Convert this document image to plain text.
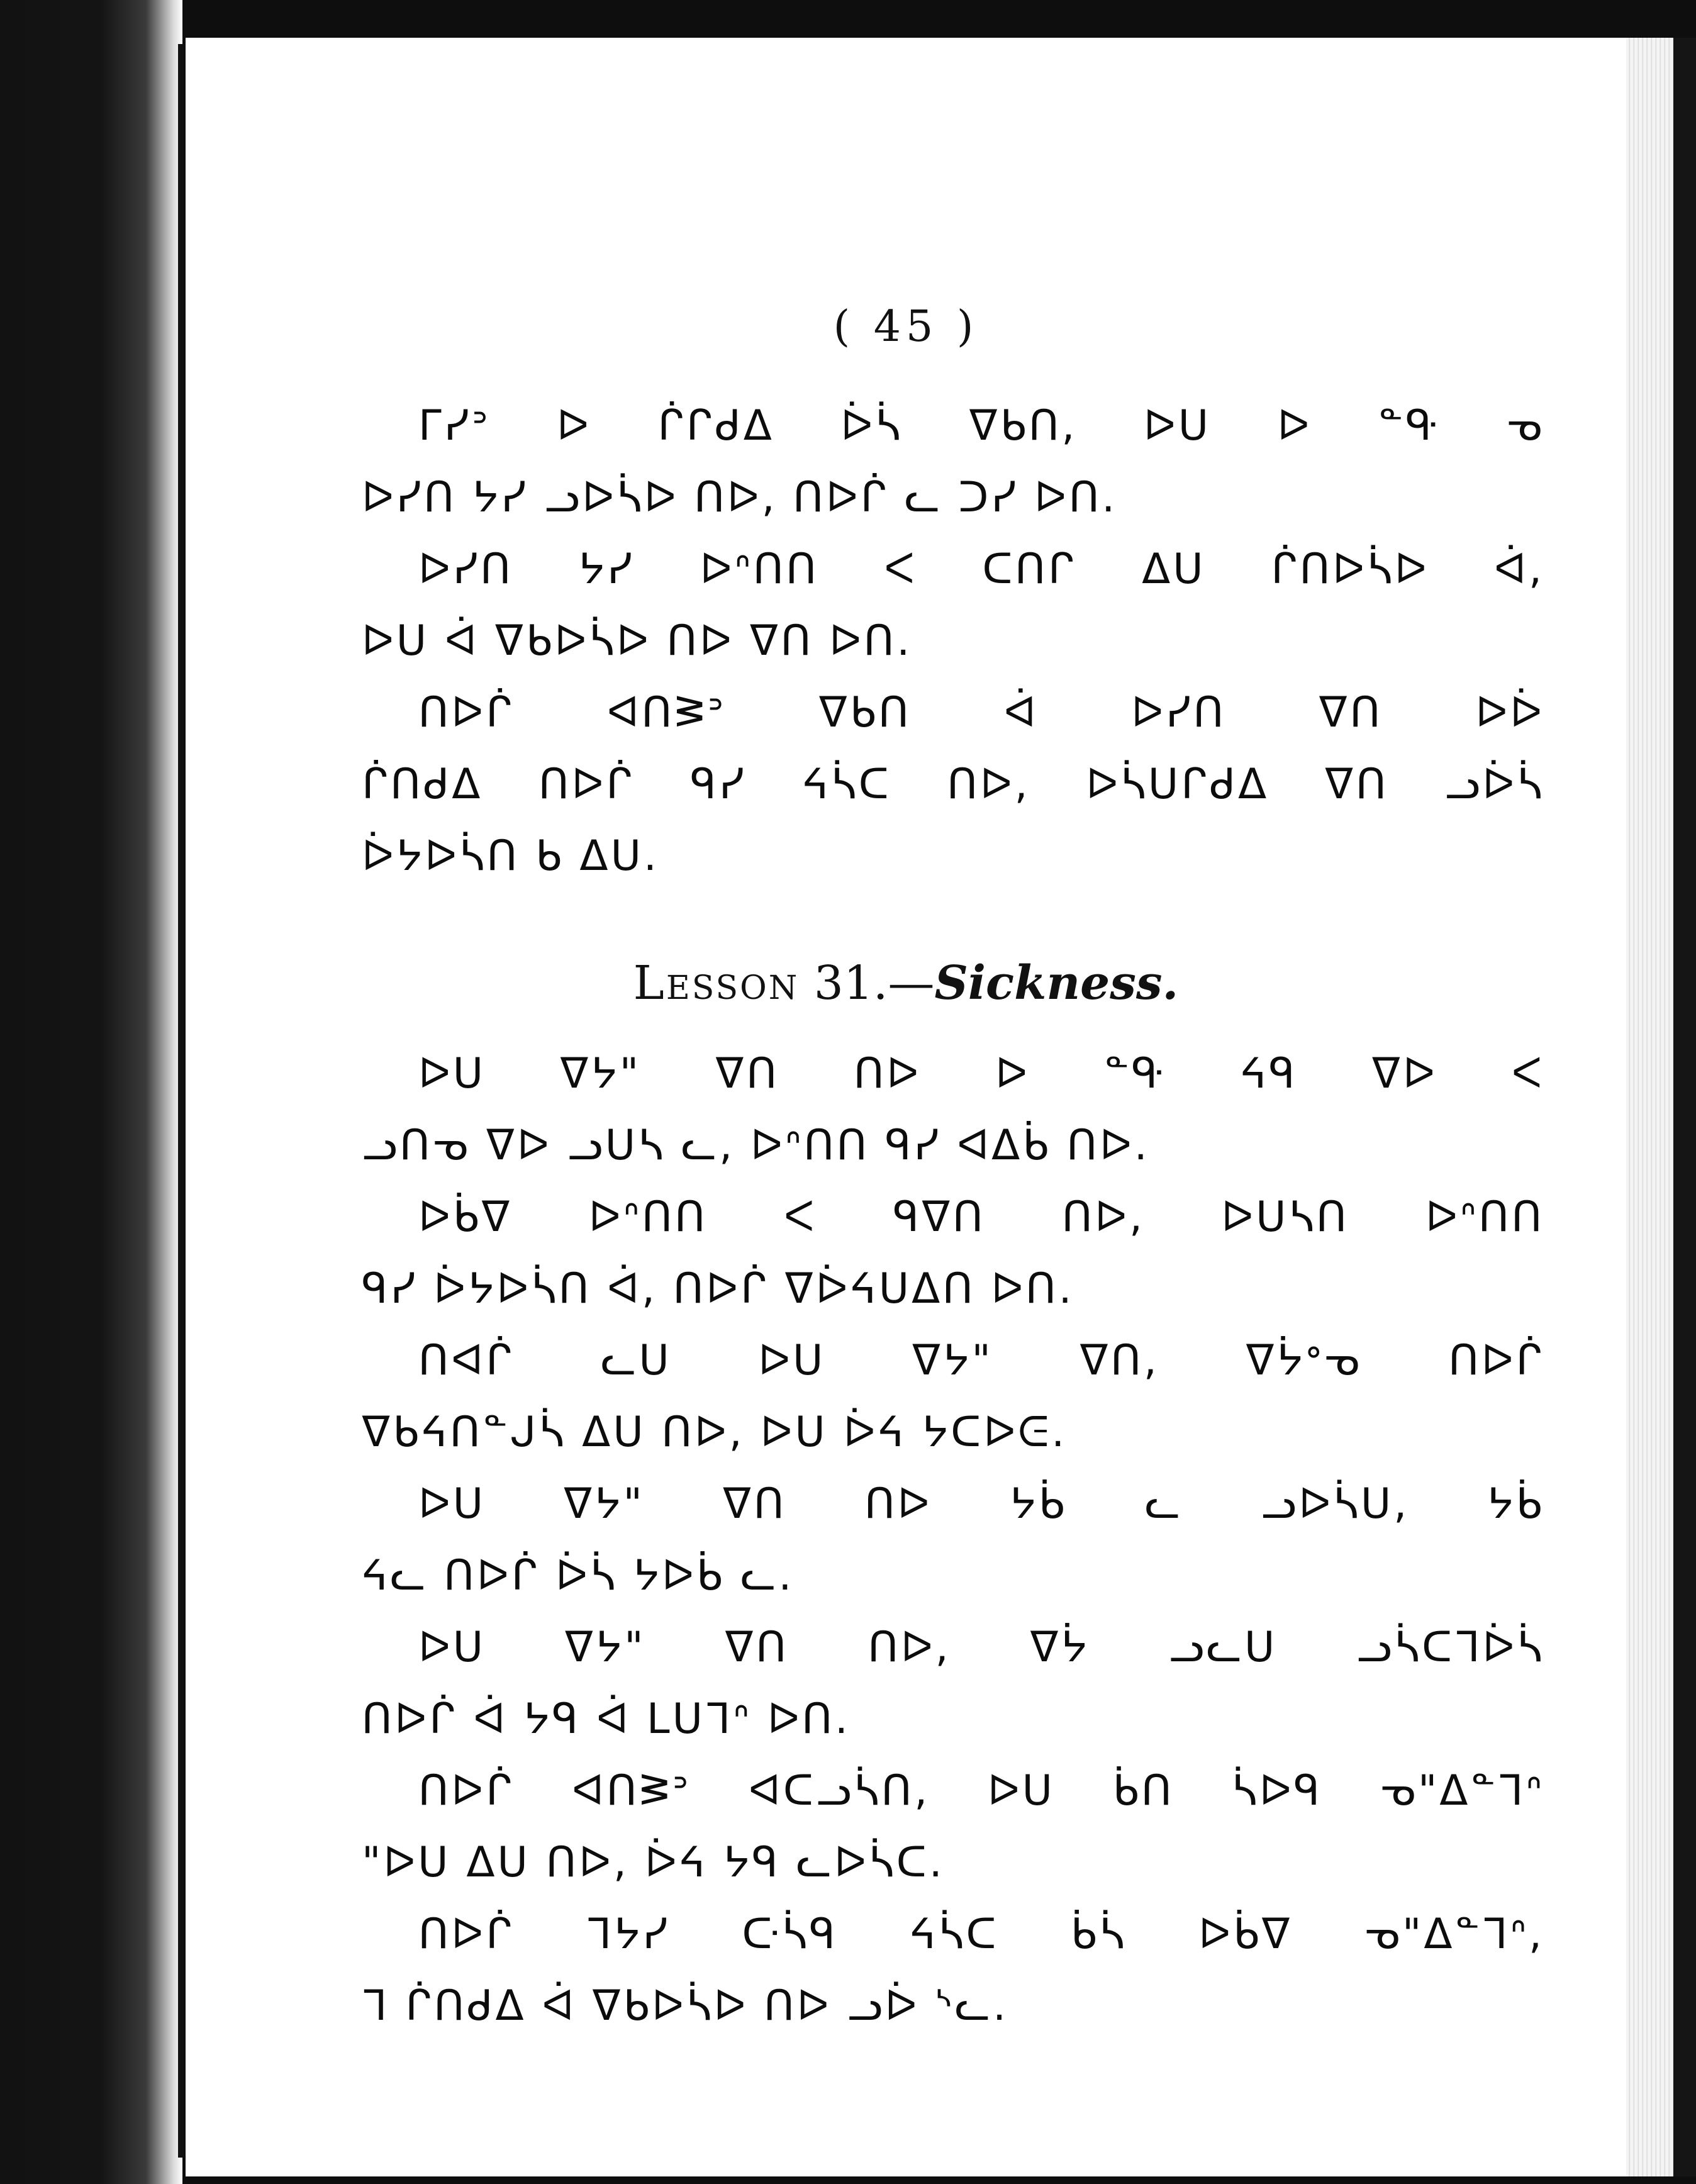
( 45 )
ᒥᓯᐣ ᐅ ᒌᒋᑯᐃ ᐆᓵ ᐁᑲᑎ, ᐅᑌ ᐅ ᓐᑵ ᓀ
ᐅᓯᑎ ᔭᓯ ᓗᐅᓵᐅ ᑎᐅ, ᑎᐅᒌ ᓚ ᑐᓯ ᐅᑎ.
ᐅᓯᑎ ᔭᓯ ᐅᐢᑎᑎ ᐸ ᑕᑎᒋ ᐃᑌ ᒌᑎᐅᓵᐅ ᐋ,
ᐅᑌ ᐋ ᐁᑲᐅᓵᐅ ᑎᐅ ᐁᑎ ᐅᑎ.
ᑎᐅᒌ ᐊᑎᕒᐣ ᐁᑲᑎ ᐋ ᐅᓯᑎ ᐁᑎ ᐅᐆ
ᒌᑎᑯᐃ ᑎᐅᒌ ᑫᓯ ᔦᓵᑕ ᑎᐅ, ᐅᓵᑌᒋᑯᐃ ᐁᑎ ᓗᐆᓵ
ᐆᔭᐅᓵᑎ ᑲ ᐃᑌ.
Lesson 31.—Sickness.
ᐅᑌ ᐁᔭ" ᐁᑎ ᑎᐅ ᐅ ᓐᑵ ᔦᑫ ᐁᐅ ᐸ
ᓗᑎᓀ ᐁᐅ ᓗᑌᓴ ᓚ, ᐅᐢᑎᑎ ᑫᓯ ᐊᐃᑳ ᑎᐅ.
ᐅᑳᐁ ᐅᐢᑎᑎ ᐸ ᑫᐁᑎ ᑎᐅ, ᐅᑌᓴᑎ ᐅᐢᑎᑎ
ᑫᓯ ᐆᔭᐅᓵᑎ ᐋ, ᑎᐅᒌ ᐁᐆᔦᑌᐃᑎ ᐅᑎ.
ᑎᐊᒌ ᓚᑌ ᐅᑌ ᐁᔭ" ᐁᑎ, ᐁᔮᐤᓀ ᑎᐅᒌ
ᐁᑲᔦᑎᓐᒍᓵ ᐃᑌ ᑎᐅ, ᐅᑌ ᐆᔦ ᔭᑕᐅᕮ.
ᐅᑌ ᐁᔭ" ᐁᑎ ᑎᐅ ᔭᑳ ᓚ ᓗᐅᓵᑌ, ᔭᑳ
ᔦᓚ ᑎᐅᒌ ᐆᓵ ᔭᐅᑳ ᓚ.
ᐅᑌ ᐁᔭ" ᐁᑎ ᑎᐅ, ᐁᔮ ᓗᓚᑌ ᓗᓵᑕᒣᐆᓵ
ᑎᐅᒌ ᐋ ᔭᑫ ᐋ ᒪᑌᒣᐢ ᐅᑎ.
ᑎᐅᒌ ᐊᑎᕒᐣ ᐊᑕᓗᓵᑎ, ᐅᑌ ᑳᑎ ᓵᐅᑫ ᓀ"ᐃᓐᒣᐢ
"ᐅᑌ ᐃᑌ ᑎᐅ, ᐆᔦ ᔭᑫ ᓚᐅᓵᑕ.
ᑎᐅᒌ ᒣᔭᓯ ᑢᓵᑫ ᔦᓵᑕ ᑳᓵ ᐅᑳᐁ ᓀ"ᐃᓐᒣᐢ,
ᒣ ᒌᑎᑯᐃ ᐋ ᐁᑲᐅᓵᐅ ᑎᐅ ᓗᐆ ᔅᓚ.
